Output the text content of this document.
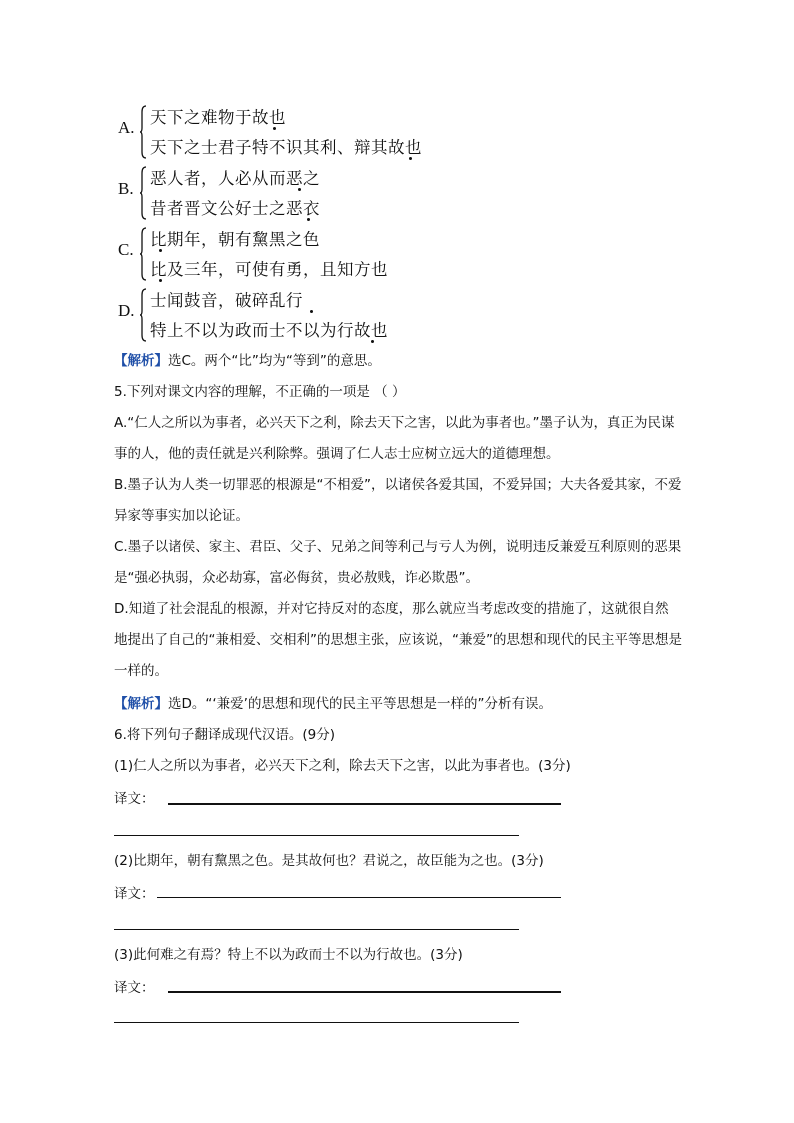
A.
天下之难物于故也
天下之士君子特不识其利、辩其故也
B.
恶人者，人必从而恶之
昔者晋文公好士之恶衣
C.
比期年，朝有黧黑之色
比及三年，可使有勇，且知方也
D.
士闻鼓音，破碎乱行
特上不以为政而士不以为行故也
【解析】选C。两个“比”均为“等到”的意思。
5.下列对课文内容的理解，不正确的一项是 （ ）
A.“仁人之所以为事者，必兴天下之利，除去天下之害，以此为事者也。”墨子认为，真正为民谋事的人，他的责任就是兴利除弊。强调了仁人志士应树立远大的道德理想。
B.墨子认为人类一切罪恶的根源是“不相爱”，以诸侯各爱其国，不爱异国；大夫各爱其家，不爱异家等事实加以论证。
C.墨子以诸侯、家主、君臣、父子、兄弟之间等利己与亏人为例，说明违反兼爱互利原则的恶果是“强必执弱，众必劫寡，富必侮贫，贵必敖贱，诈必欺愚”。
D.知道了社会混乱的根源，并对它持反对的态度，那么就应当考虑改变的措施了，这就很自然地提出了自己的“兼相爱、交相利”的思想主张，应该说，“兼爱”的思想和现代的民主平等思想是一样的。
【解析】选D。“‘兼爱’的思想和现代的民主平等思想是一样的”分析有误。
6.将下列句子翻译成现代汉语。(9分)
(1)仁人之所以为事者，必兴天下之利，除去天下之害，以此为事者也。(3分)
译文：
(2)比期年，朝有黧黑之色。是其故何也？君说之，故臣能为之也。(3分)
译文：
(3)此何难之有焉？特上不以为政而士不以为行故也。(3分)
译文：
